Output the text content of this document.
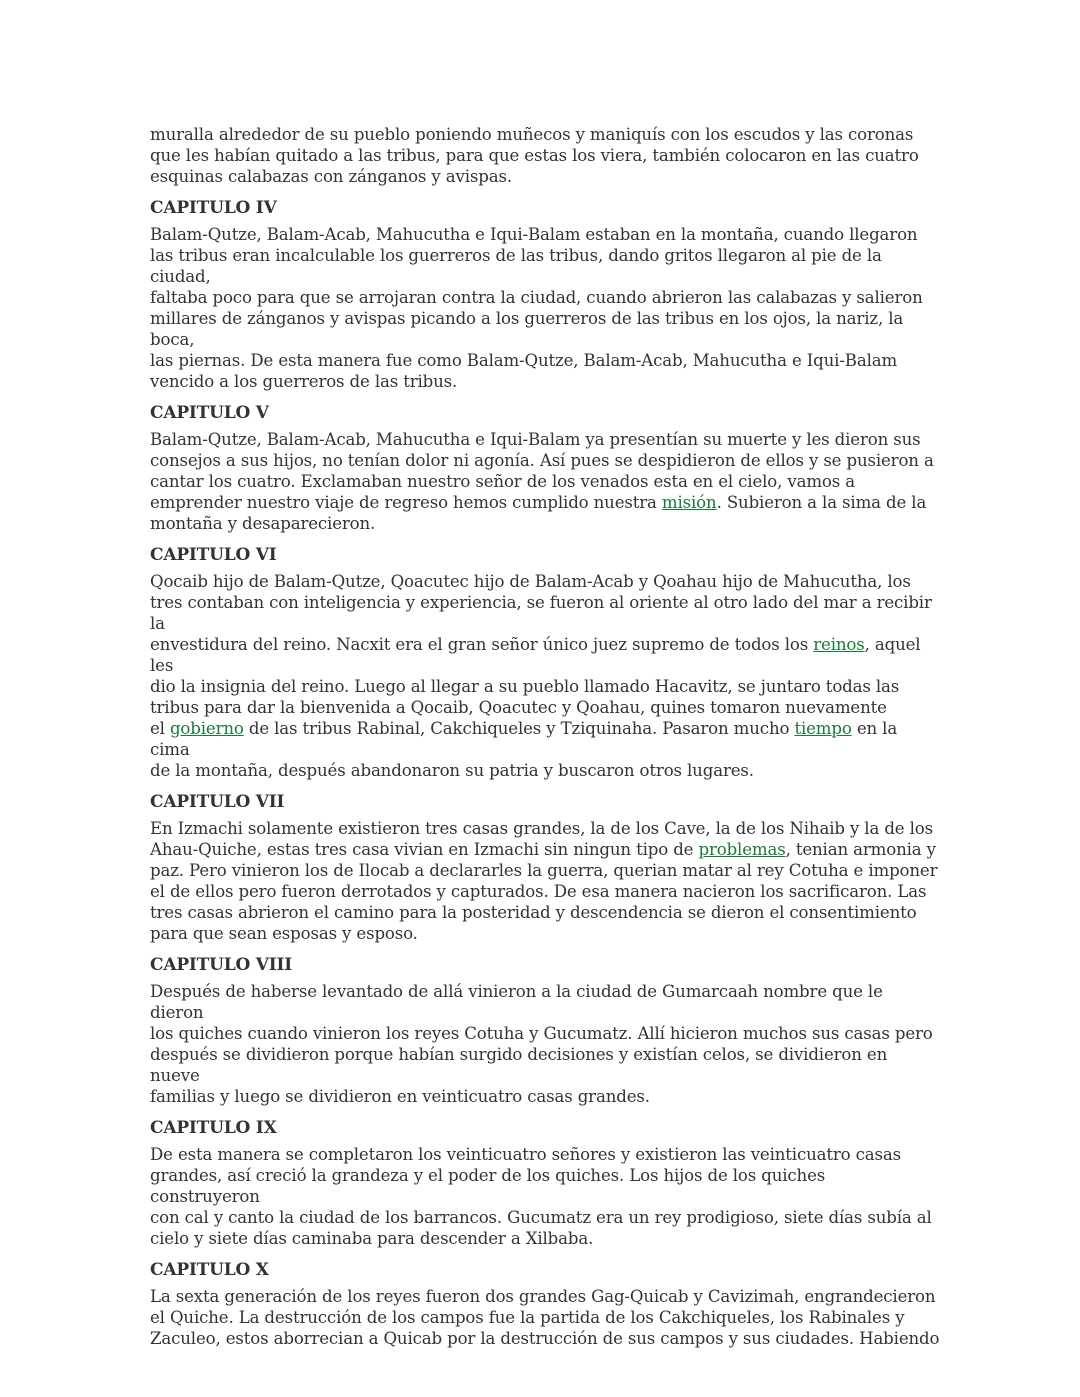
muralla alrededor de su pueblo poniendo muñecos y maniquís con los escudos y las coronas
que les habían quitado a las tribus, para que estas los viera, también colocaron en las cuatro
esquinas calabazas con zánganos y avispas.
CAPITULO IV
Balam-Qutze, Balam-Acab, Mahucutha e Iqui-Balam estaban en la montaña, cuando llegaron
las tribus eran incalculable los guerreros de las tribus, dando gritos llegaron al pie de la ciudad,
faltaba poco para que se arrojaran contra la ciudad, cuando abrieron las calabazas y salieron
millares de zánganos y avispas picando a los guerreros de las tribus en los ojos, la nariz, la boca,
las piernas. De esta manera fue como Balam-Qutze, Balam-Acab, Mahucutha e Iqui-Balam
vencido a los guerreros de las tribus.
CAPITULO V
Balam-Qutze, Balam-Acab, Mahucutha e Iqui-Balam ya presentían su muerte y les dieron sus
consejos a sus hijos, no tenían dolor ni agonía. Así pues se despidieron de ellos y se pusieron a
cantar los cuatro. Exclamaban nuestro señor de los venados esta en el cielo, vamos a
emprender nuestro viaje de regreso hemos cumplido nuestra misión. Subieron a la sima de la
montaña y desaparecieron.
CAPITULO VI
Qocaib hijo de Balam-Qutze, Qoacutec hijo de Balam-Acab y Qoahau hijo de Mahucutha, los
tres contaban con inteligencia y experiencia, se fueron al oriente al otro lado del mar a recibir la
envestidura del reino. Nacxit era el gran señor único juez supremo de todos los reinos, aquel les
dio la insignia del reino. Luego al llegar a su pueblo llamado Hacavitz, se juntaro todas las
tribus para dar la bienvenida a Qocaib, Qoacutec y Qoahau, quines tomaron nuevamente
el gobierno de las tribus Rabinal, Cakchiqueles y Tziquinaha. Pasaron mucho tiempo en la cima
de la montaña, después abandonaron su patria y buscaron otros lugares.
CAPITULO VII
En Izmachi solamente existieron tres casas grandes, la de los Cave, la de los Nihaib y la de los
Ahau-Quiche, estas tres casa vivian en Izmachi sin ningun tipo de problemas, tenian armonia y
paz. Pero vinieron los de Ilocab a declararles la guerra, querian matar al rey Cotuha e imponer
el de ellos pero fueron derrotados y capturados. De esa manera nacieron los sacrificaron. Las
tres casas abrieron el camino para la posteridad y descendencia se dieron el consentimiento
para que sean esposas y esposo.
CAPITULO VIII
Después de haberse levantado de allá vinieron a la ciudad de Gumarcaah nombre que le dieron
los quiches cuando vinieron los reyes Cotuha y Gucumatz. Allí hicieron muchos sus casas pero
después se dividieron porque habían surgido decisiones y existían celos, se dividieron en nueve
familias y luego se dividieron en veinticuatro casas grandes.
CAPITULO IX
De esta manera se completaron los veinticuatro señores y existieron las veinticuatro casas
grandes, así creció la grandeza y el poder de los quiches. Los hijos de los quiches construyeron
con cal y canto la ciudad de los barrancos. Gucumatz era un rey prodigioso, siete días subía al
cielo y siete días caminaba para descender a Xilbaba.
CAPITULO X
La sexta generación de los reyes fueron dos grandes Gag-Quicab y Cavizimah, engrandecieron
el Quiche. La destrucción de los campos fue la partida de los Cakchiqueles, los Rabinales y
Zaculeo, estos aborrecian a Quicab por la destrucción de sus campos y sus ciudades. Habiendo
